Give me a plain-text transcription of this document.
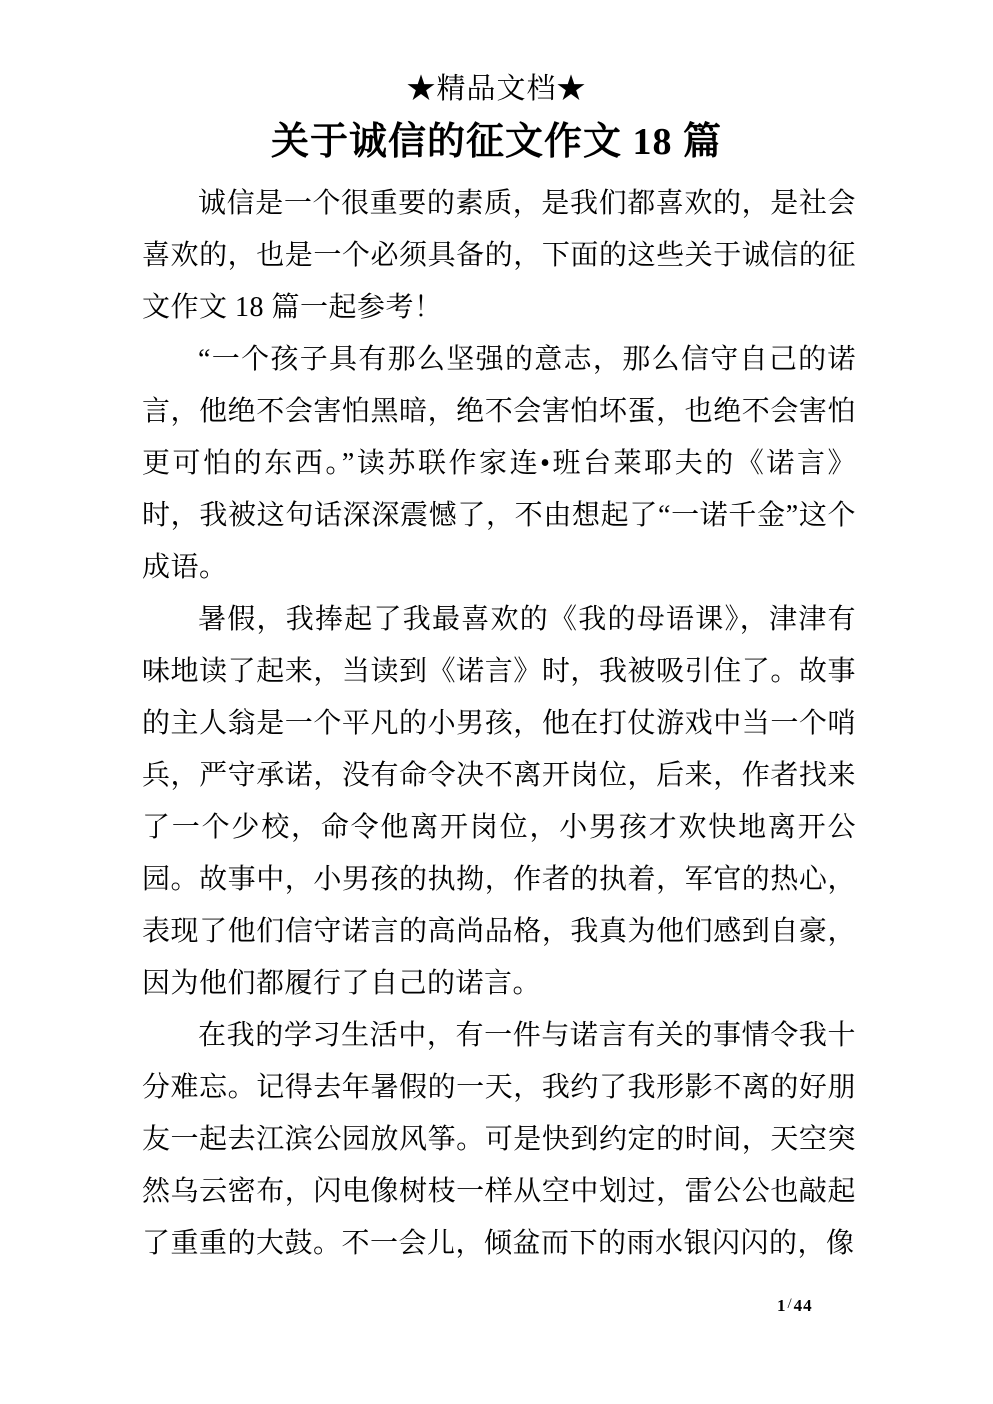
★精品文档★
关于诚信的征文作文 18 篇

诚信是一个很重要的素质，是我们都喜欢的，是社会喜欢的，也是一个必须具备的，下面的这些关于诚信的征文作文 18 篇一起参考！

“一个孩子具有那么坚强的意志，那么信守自己的诺言，他绝不会害怕黑暗，绝不会害怕坏蛋，也绝不会害怕更可怕的东西。”读苏联作家连•班台莱耶夫的《诺言》时，我被这句话深深震憾了，不由想起了“一诺千金”这个成语。

暑假，我捧起了我最喜欢的《我的母语课》，津津有味地读了起来，当读到《诺言》时，我被吸引住了。故事的主人翁是一个平凡的小男孩，他在打仗游戏中当一个哨兵，严守承诺，没有命令决不离开岗位，后来，作者找来了一个少校，命令他离开岗位，小男孩才欢快地离开公园。故事中，小男孩的执拗，作者的执着，军官的热心，表现了他们信守诺言的高尚品格，我真为他们感到自豪，因为他们都履行了自己的诺言。

在我的学习生活中，有一件与诺言有关的事情令我十分难忘。记得去年暑假的一天，我约了我形影不离的好朋友一起去江滨公园放风筝。可是快到约定的时间，天空突然乌云密布，闪电像树枝一样从空中划过，雷公公也敲起了重重的大鼓。不一会儿，倾盆而下的雨水银闪闪的，像

1/44
